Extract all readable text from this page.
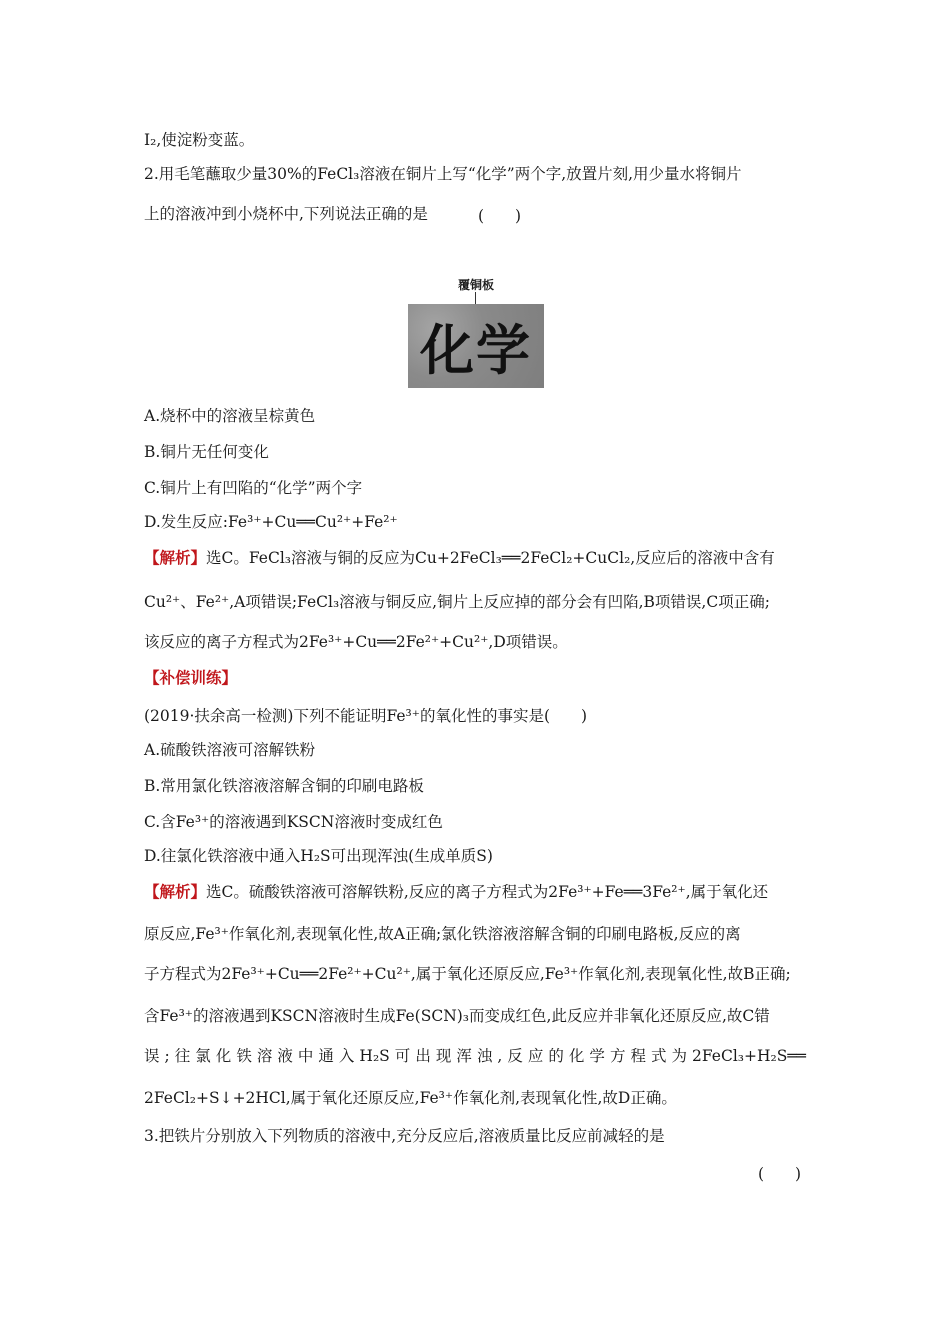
I₂,使淀粉变蓝。
2.用毛笔蘸取少量30%的FeCl₃溶液在铜片上写“化学”两个字,放置片刻,用少量水将铜片
上的溶液冲到小烧杯中,下列说法正确的是	(　　)
覆铜板
化学
A.烧杯中的溶液呈棕黄色
B.铜片无任何变化
C.铜片上有凹陷的“化学”两个字
D.发生反应:Fe³⁺+Cu══Cu²⁺+Fe²⁺
【解析】选C。FeCl₃溶液与铜的反应为Cu+2FeCl₃══2FeCl₂+CuCl₂,反应后的溶液中含有
Cu²⁺、Fe²⁺,A项错误;FeCl₃溶液与铜反应,铜片上反应掉的部分会有凹陷,B项错误,C项正确;
该反应的离子方程式为2Fe³⁺+Cu══2Fe²⁺+Cu²⁺,D项错误。
【补偿训练】
(2019·扶余高一检测)下列不能证明Fe³⁺的氧化性的事实是(　　)
A.硫酸铁溶液可溶解铁粉
B.常用氯化铁溶液溶解含铜的印刷电路板
C.含Fe³⁺的溶液遇到KSCN溶液时变成红色
D.往氯化铁溶液中通入H₂S可出现浑浊(生成单质S)
【解析】选C。硫酸铁溶液可溶解铁粉,反应的离子方程式为2Fe³⁺+Fe══3Fe²⁺,属于氧化还
原反应,Fe³⁺作氧化剂,表现氧化性,故A正确;氯化铁溶液溶解含铜的印刷电路板,反应的离
子方程式为2Fe³⁺+Cu══2Fe²⁺+Cu²⁺,属于氧化还原反应,Fe³⁺作氧化剂,表现氧化性,故B正确;
含Fe³⁺的溶液遇到KSCN溶液时生成Fe(SCN)₃而变成红色,此反应并非氧化还原反应,故C错
误;往氯化铁溶液中通入H₂S可出现浑浊,反应的化学方程式为2FeCl₃+H₂S══
2FeCl₂+S↓+2HCl,属于氧化还原反应,Fe³⁺作氧化剂,表现氧化性,故D正确。
3.把铁片分别放入下列物质的溶液中,充分反应后,溶液质量比反应前减轻的是
(　　)
